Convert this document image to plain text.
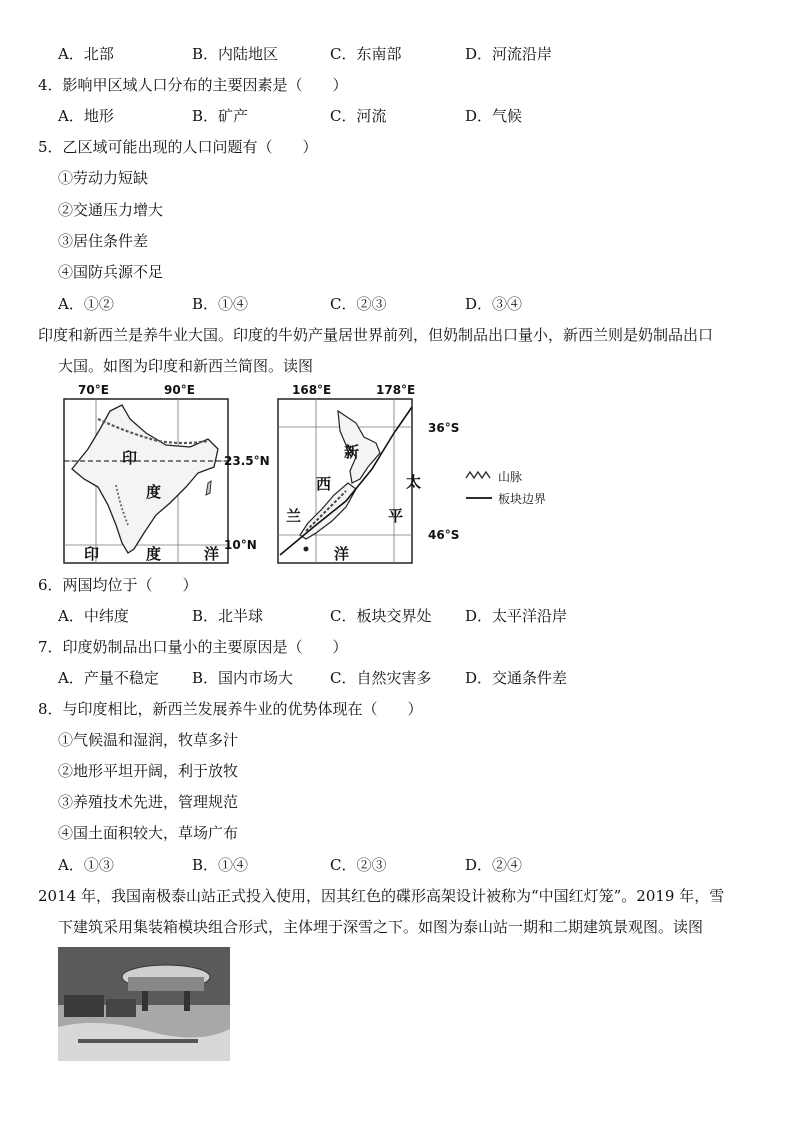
A．北部	B．内陆地区	C．东南部	D．河流沿岸
4．影响甲区域人口分布的主要因素是（　　）
A．地形	B．矿产	C．河流	D．气候
5．乙区域可能出现的人口问题有（　　）
①劳动力短缺
②交通压力增大
③居住条件差
④国防兵源不足
A．①②	B．①④	C．②③	D．③④
印度和新西兰是养牛业大国。印度的牛奶产量居世界前列，但奶制品出口量小，新西兰则是奶制品出口
大国。如图为印度和新西兰简图。读图
70°E	90°E
23.5°N
10°N
印
度
印	度	洋
168°E	178°E
36°S
46°S
新
西
兰
太
平
洋
山脉
板块边界
6．两国均位于（　　）
A．中纬度	B．北半球	C．板块交界处 D．太平洋沿岸
7．印度奶制品出口量小的主要原因是（　　）
A．产量不稳定 B．国内市场大 C．自然灾害多 D．交通条件差
8．与印度相比，新西兰发展养牛业的优势体现在（　　）
①气候温和湿润，牧草多汁
②地形平坦开阔，利于放牧
③养殖技术先进，管理规范
④国土面积较大，草场广布
A．①③	B．①④	C．②③	D．②④
2014 年，我国南极泰山站正式投入使用，因其红色的碟形高架设计被称为“中国红灯笼”。2019 年，雪
下建筑采用集装箱模块组合形式，主体埋于深雪之下。如图为泰山站一期和二期建筑景观图。读图
